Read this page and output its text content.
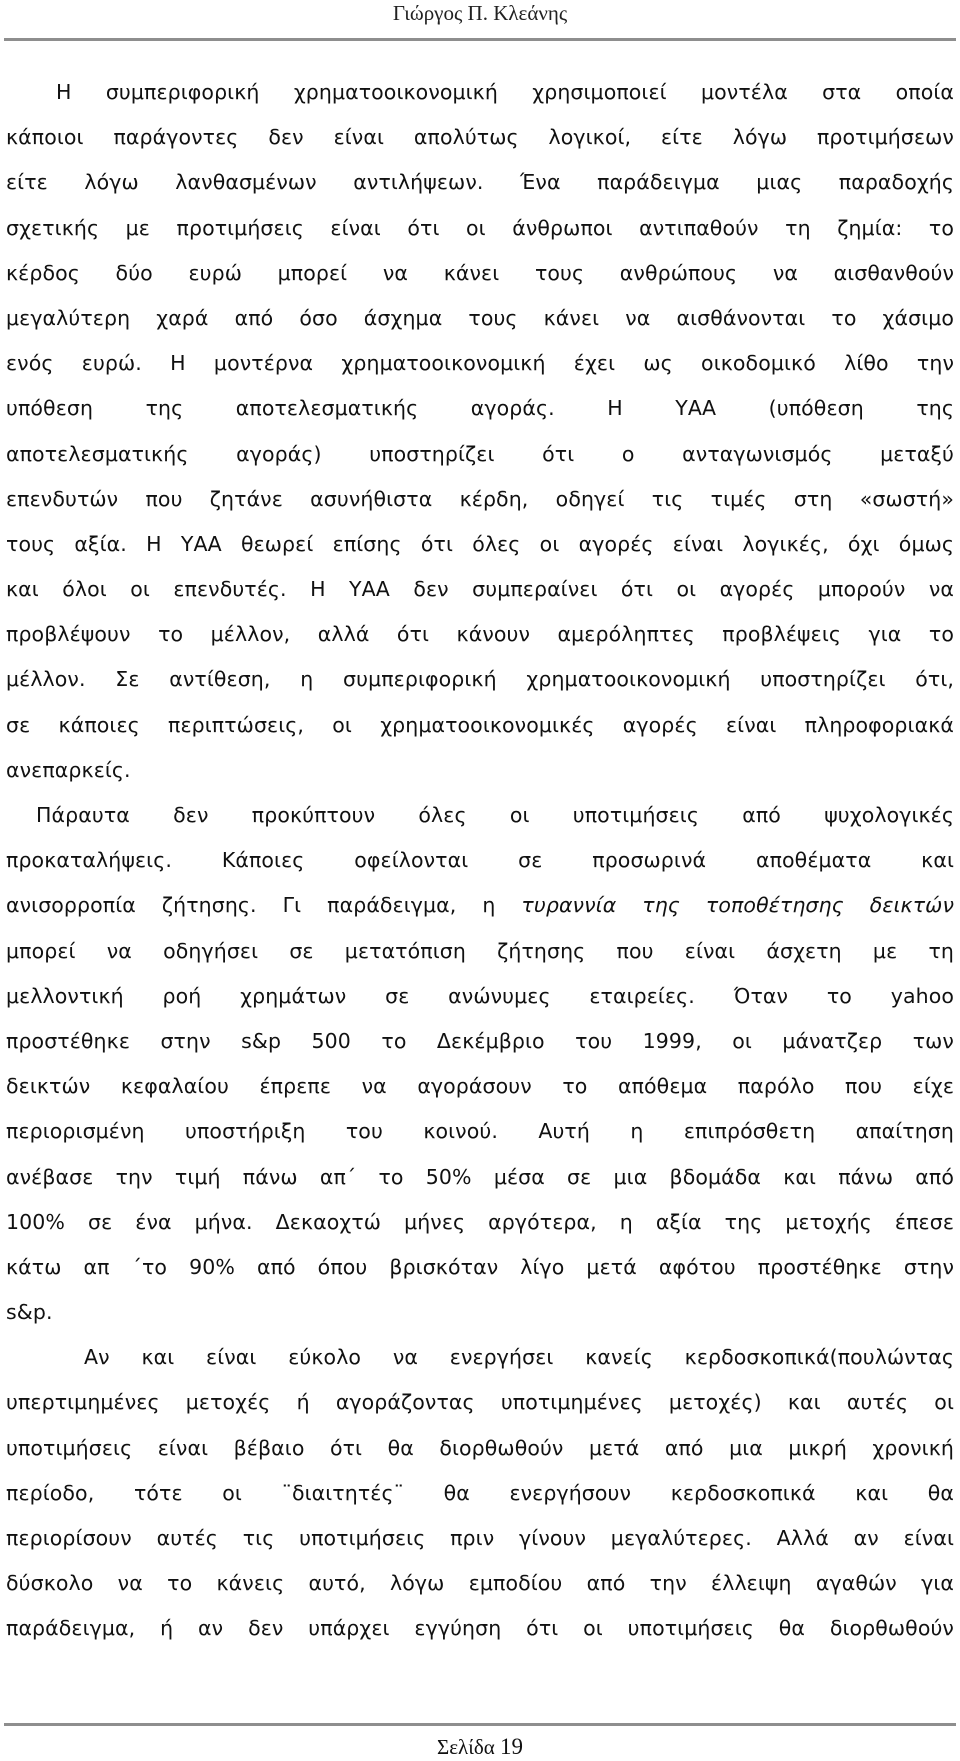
Γιώργος Π. Κλεάνης

Η συμπεριφορική χρηματοοικονομική χρησιμοποιεί μοντέλα στα οποία
κάποιοι παράγοντες δεν είναι απολύτως λογικοί, είτε λόγω προτιμήσεων
είτε λόγω λανθασμένων αντιλήψεων. Ένα παράδειγμα μιας παραδοχής
σχετικής με προτιμήσεις είναι ότι οι άνθρωποι αντιπαθούν τη ζημία: το
κέρδος δύο ευρώ μπορεί να κάνει τους ανθρώπους να αισθανθούν
μεγαλύτερη χαρά από όσο άσχημα τους κάνει να αισθάνονται το χάσιμο
ενός ευρώ. Η μοντέρνα χρηματοοικονομική έχει ως οικοδομικό λίθο την
υπόθεση της αποτελεσματικής αγοράς. Η ΥΑΑ (υπόθεση της
αποτελεσματικής αγοράς) υποστηρίζει ότι ο ανταγωνισμός μεταξύ
επενδυτών που ζητάνε ασυνήθιστα κέρδη, οδηγεί τις τιμές στη «σωστή»
τους αξία. Η ΥΑΑ θεωρεί επίσης ότι όλες οι αγορές είναι λογικές, όχι όμως
και όλοι οι επενδυτές. Η ΥΑΑ δεν συμπεραίνει ότι οι αγορές μπορούν να
προβλέψουν το μέλλον, αλλά ότι κάνουν αμερόληπτες προβλέψεις για το
μέλλον. Σε αντίθεση, η συμπεριφορική χρηματοοικονομική υποστηρίζει ότι,
σε κάποιες περιπτώσεις, οι χρηματοοικονομικές αγορές είναι πληροφοριακά
ανεπαρκείς.

Πάραυτα δεν προκύπτουν όλες οι υποτιμήσεις από ψυχολογικές
προκαταλήψεις. Κάποιες οφείλονται σε προσωρινά αποθέματα και
ανισορροπία ζήτησης. Γι παράδειγμα, η τυραννία της τοποθέτησης δεικτών
μπορεί να οδηγήσει σε μετατόπιση ζήτησης που είναι άσχετη με τη
μελλοντική ροή χρημάτων σε ανώνυμες εταιρείες. Όταν το yahoo
προστέθηκε στην s&p 500 το Δεκέμβριο του 1999, οι μάνατζερ των
δεικτών κεφαλαίου έπρεπε να αγοράσουν το απόθεμα παρόλο που είχε
περιορισμένη υποστήριξη του κοινού. Αυτή η επιπρόσθετη απαίτηση
ανέβασε την τιμή πάνω απ΄ το 50% μέσα σε μια βδομάδα και πάνω από
100% σε ένα μήνα. Δεκαοχτώ μήνες αργότερα, η αξία της μετοχής έπεσε
κάτω απ ΄το 90% από όπου βρισκόταν λίγο μετά αφότου προστέθηκε στην
s&p.

Αν και είναι εύκολο να ενεργήσει κανείς κερδοσκοπικά(πουλώντας
υπερτιμημένες μετοχές ή αγοράζοντας υποτιμημένες μετοχές) και αυτές οι
υποτιμήσεις είναι βέβαιο ότι θα διορθωθούν μετά από μια μικρή χρονική
περίοδο, τότε οι ¨διαιτητές¨ θα ενεργήσουν κερδοσκοπικά και θα
περιορίσουν αυτές τις υποτιμήσεις πριν γίνουν μεγαλύτερες. Αλλά αν είναι
δύσκολο να το κάνεις αυτό, λόγω εμποδίου από την έλλειψη αγαθών για
παράδειγμα, ή αν δεν υπάρχει εγγύηση ότι οι υποτιμήσεις θα διορθωθούν

Σελίδα 19
